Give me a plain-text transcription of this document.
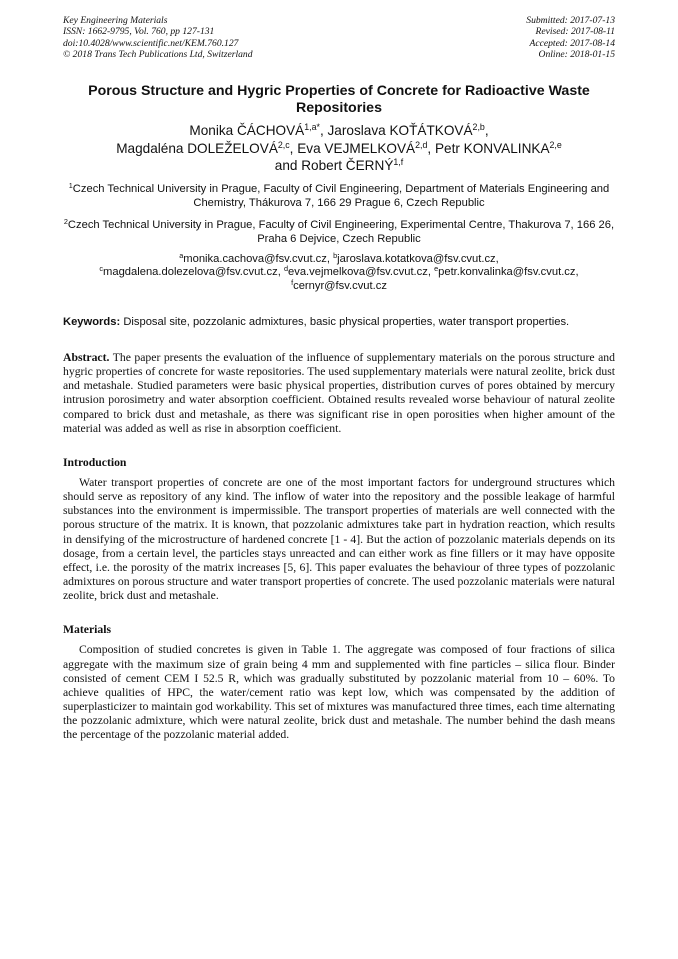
Key Engineering Materials
ISSN: 1662-9795, Vol. 760, pp 127-131
doi:10.4028/www.scientific.net/KEM.760.127
© 2018 Trans Tech Publications Ltd, Switzerland
Submitted: 2017-07-13
Revised: 2017-08-11
Accepted: 2017-08-14
Online: 2018-01-15
Porous Structure and Hygric Properties of Concrete for Radioactive Waste Repositories
Monika $ČÁCHOVÁ^{1,a*}$, Jaroslava KOŤÁTKOVÁ$^{2,b}$,
Magdaléna DOLEŽELOVÁ$^{2,c}$, Eva VEJMELKOVÁ$^{2,d}$, Petr KONVALINKA$^{2,e}$
and Robert ČERNÝ$^{1,f}$
$^1$Czech Technical University in Prague, Faculty of Civil Engineering, Department of Materials Engineering and Chemistry, Thákurova 7, 166 29 Prague 6, Czech Republic
$^2$Czech Technical University in Prague, Faculty of Civil Engineering, Experimental Centre, Thakurova 7, 166 26, Praha 6 Dejvice, Czech Republic
$^a$monika.cachova@fsv.cvut.cz, $^b$jaroslava.kotatkova@fsv.cvut.cz,
$^c$magdalena.dolezelova@fsv.cvut.cz, $^d$eva.vejmelkova@fsv.cvut.cz, $^e$petr.konvalinka@fsv.cvut.cz,
$^f$cernyr@fsv.cvut.cz
Keywords: Disposal site, pozzolanic admixtures, basic physical properties, water transport properties.
Abstract. The paper presents the evaluation of the influence of supplementary materials on the porous structure and hygric properties of concrete for waste repositories. The used supplementary materials were natural zeolite, brick dust and metashale. Studied parameters were basic physical properties, distribution curves of pores obtained by mercury intrusion porosimetry and water absorption coefficient. Obtained results revealed worse behaviour of natural zeolite compared to brick dust and metashale, as there was significant rise in open porosities when higher amount of the material was added as well as rise in absorption coefficient.
Introduction

Water transport properties of concrete are one of the most important factors for underground structures which should serve as repository of any kind. The inflow of water into the repository and the possible leakage of harmful substances into the environment is impermissible. The transport properties of materials are well connected with the porous structure of the matrix. It is known, that pozzolanic admixtures take part in hydration reaction, which results in densifying of the microstructure of hardened concrete [1 - 4]. But the action of pozzolanic materials depends on its dosage, from a certain level, the particles stays unreacted and can either work as fine fillers or it may have opposite effect, i.e. the porosity of the matrix increases [5, 6]. This paper evaluates the behaviour of three types of pozzolanic admixtures on porous structure and water transport properties of concrete. The used pozzolanic materials were natural zeolite, brick dust and metashale.

Materials

Composition of studied concretes is given in Table 1. The aggregate was composed of four fractions of silica aggregate with the maximum size of grain being 4 mm and supplemented with fine particles – silica flour. Binder consisted of cement CEM I 52.5 R, which was gradually substituted by pozzolanic material from 10 – 60%. To achieve qualities of HPC, the water/cement ratio was kept low, which was compensated by the addition of superplasticizer to maintain god workability. This set of mixtures was manufactured three times, each time alternating the pozzolanic admixture, which were natural zeolite, brick dust and metashale. The number behind the dash means the percentage of the pozzolanic material added.
